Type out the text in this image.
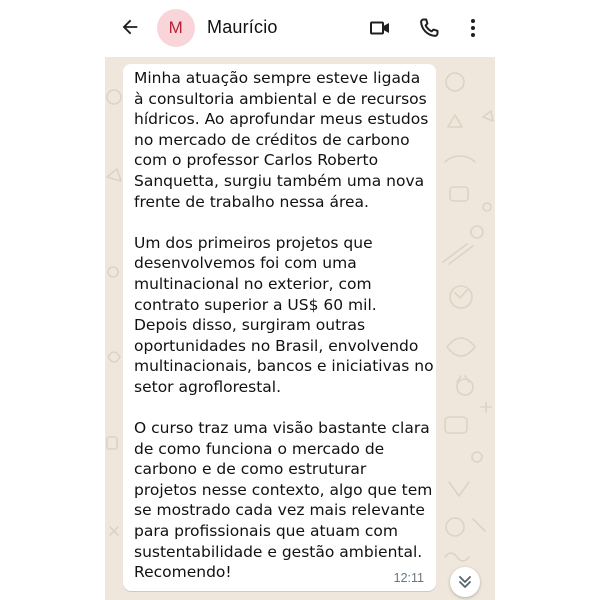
M Maurício

Minha atuação sempre esteve ligada à consultoria ambiental e de recursos hídricos. Ao aprofundar meus estudos no mercado de créditos de carbono com o professor Carlos Roberto Sanquetta, surgiu também uma nova frente de trabalho nessa área.

Um dos primeiros projetos que desenvolvemos foi com uma multinacional no exterior, com contrato superior a US$ 60 mil. Depois disso, surgiram outras oportunidades no Brasil, envolvendo multinacionais, bancos e iniciativas no setor agroflorestal.

O curso traz uma visão bastante clara de como funciona o mercado de carbono e de como estruturar projetos nesse contexto, algo que tem se mostrado cada vez mais relevante para profissionais que atuam com sustentabilidade e gestão ambiental. Recomendo!	12:11
